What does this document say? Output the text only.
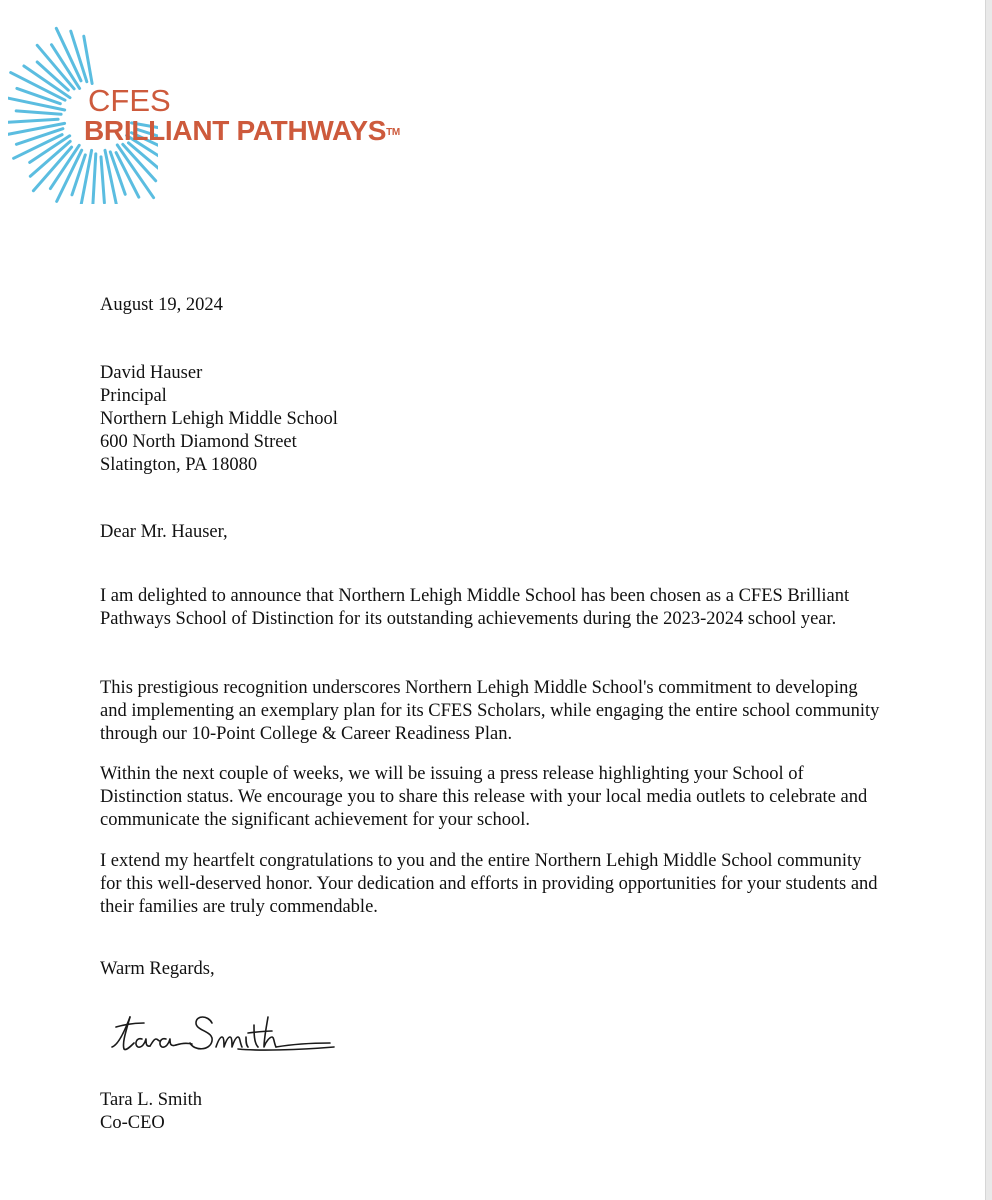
CFES
BRILLIANT PATHWAYS™

August 19, 2024

David Hauser
Principal
Northern Lehigh Middle School
600 North Diamond Street
Slatington, PA 18080

Dear Mr. Hauser,

I am delighted to announce that Northern Lehigh Middle School has been chosen as a CFES Brilliant Pathways School of Distinction for its outstanding achievements during the 2023-2024 school year.

This prestigious recognition underscores Northern Lehigh Middle School's commitment to developing and implementing an exemplary plan for its CFES Scholars, while engaging the entire school community through our 10-Point College & Career Readiness Plan.

Within the next couple of weeks, we will be issuing a press release highlighting your School of Distinction status. We encourage you to share this release with your local media outlets to celebrate and communicate the significant achievement for your school.

I extend my heartfelt congratulations to you and the entire Northern Lehigh Middle School community for this well-deserved honor. Your dedication and efforts in providing opportunities for your students and their families are truly commendable.

Warm Regards,

Tara L. Smith
Co-CEO
